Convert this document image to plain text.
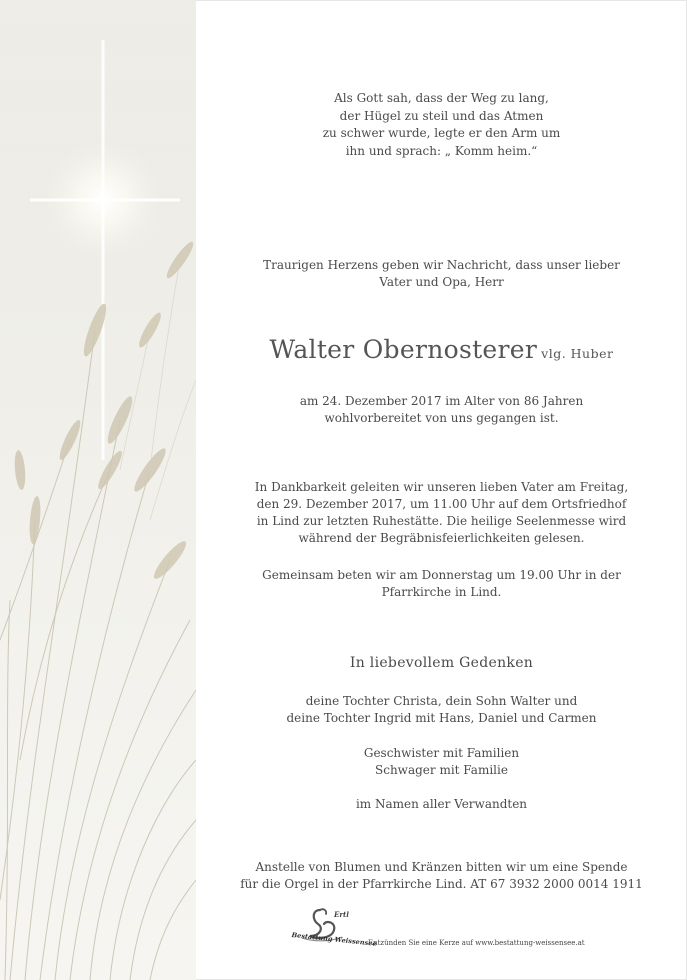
Als Gott sah, dass der Weg zu lang,

der Hügel zu steil und das Atmen

zu schwer wurde, legte er den Arm um

ihn und sprach: „ Komm heim.“

Traurigen Herzens geben wir Nachricht, dass unser lieber

Vater und Opa, Herr

Walter Obernosterer vlg. Huber

am 24. Dezember 2017 im Alter von 86 Jahren

wohlvorbereitet von uns gegangen ist.

In Dankbarkeit geleiten wir unseren lieben Vater am Freitag,

den 29. Dezember 2017, um 11.00 Uhr auf dem Ortsfriedhof

in Lind zur letzten Ruhestätte. Die heilige Seelenmesse wird

während der Begräbnisfeierlichkeiten gelesen.

Gemeinsam beten wir am Donnerstag um 19.00 Uhr in der

Pfarrkirche in Lind.

In liebevollem Gedenken

deine Tochter Christa, dein Sohn Walter und

deine Tochter Ingrid mit Hans, Daniel und Carmen

Geschwister mit Familien

Schwager mit Familie

im Namen aller Verwandten

Anstelle von Blumen und Kränzen bitten wir um eine Spende

für die Orgel in der Pfarrkirche Lind. AT 67 3932 2000 0014 1911

Ertl
Bestattung Weissensee
Entzünden Sie eine Kerze auf www.bestattung-weissensee.at
